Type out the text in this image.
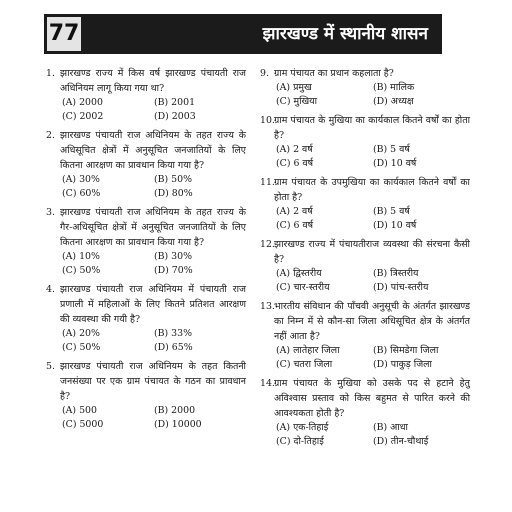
77	झारखण्ड में स्थानीय शासन
1. झारखण्ड राज्य में किस वर्ष झारखण्ड पंचायती राज अधिनियम लागू किया गया था?
(A) 2000	(B) 2001
(C) 2002	(D) 2003
2. झारखण्ड पंचायती राज अधिनियम के तहत राज्य के अधिसूचित क्षेत्रों में अनुसूचित जनजातियों के लिए कितना आरक्षण का प्रावधान किया गया है?
(A) 30%	(B) 50%
(C) 60%	(D) 80%
3. झारखण्ड पंचायती राज अधिनियम के तहत राज्य के गैर-अधिसूचित क्षेत्रों में अनुसूचित जनजातियों के लिए कितना आरक्षण का प्रावधान किया गया है?
(A) 10%	(B) 30%
(C) 50%	(D) 70%
4. झारखण्ड पंचायती राज अधिनियम में पंचायती राज प्रणाली में महिलाओं के लिए कितने प्रतिशत आरक्षण की व्यवस्था की गयी है?
(A) 20%	(B) 33%
(C) 50%	(D) 65%
5. झारखण्ड पंचायती राज अधिनियम के तहत कितनी जनसंख्या पर एक ग्राम पंचायत के गठन का प्रावधान है?
(A) 500	(B) 2000
(C) 5000	(D) 10000
9. ग्राम पंचायत का प्रधान कहलाता है?
(A) प्रमुख	(B) मालिक
(C) मुखिया	(D) अध्यक्ष
10. ग्राम पंचायत के मुखिया का कार्यकाल कितने वर्षों का होता है?
(A) 2 वर्ष	(B) 5 वर्ष
(C) 6 वर्ष	(D) 10 वर्ष
11. ग्राम पंचायत के उपमुखिया का कार्यकाल कितने वर्षों का होता है?
(A) 2 वर्ष	(B) 5 वर्ष
(C) 6 वर्ष	(D) 10 वर्ष
12. झारखण्ड राज्य में पंचायतीराज व्यवस्था की संरचना कैसी है?
(A) द्विस्तरीय	(B) त्रिस्तरीय
(C) चार-स्तरीय	(D) पांच-स्तरीय
13. भारतीय संविधान की पाँचवी अनुसूची के अंतर्गत झारखण्ड का निम्न में से कौन-सा जिला अधिसूचित क्षेत्र के अंतर्गत नहीं आता है?
(A) लातेहार जिला	(B) सिमडेगा जिला
(C) चतरा जिला	(D) पाकुड़ जिला
14. ग्राम पंचायत के मुखिया को उसके पद से हटाने हेतु अविश्वास प्रस्ताव को किस बहुमत से पारित करने की आवश्यकता होती है?
(A) एक-तिहाई	(B) आधा
(C) दो-तिहाई	(D) तीन-चौथाई
